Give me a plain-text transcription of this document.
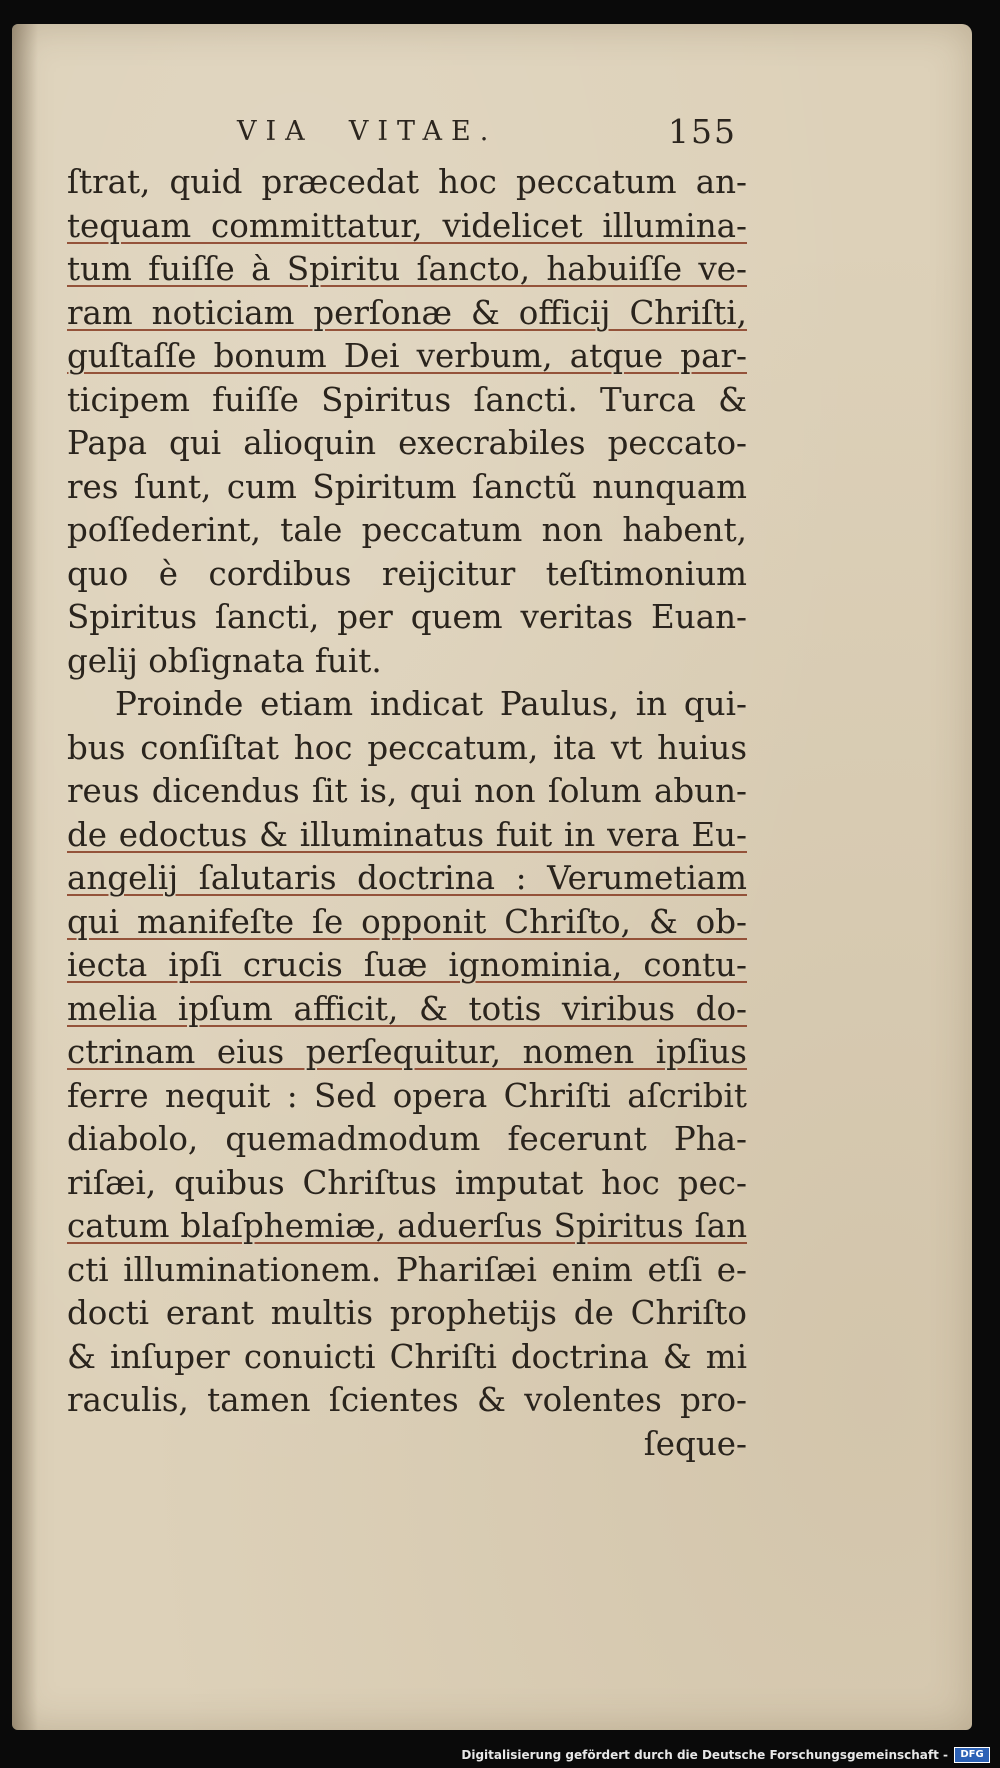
VIA  VITAE.	155
ſtrat, quid præcedat hoc peccatum an-
tequam committatur, videlicet illumina-
tum fuiſſe à Spiritu ſancto, habuiſſe ve-
ram noticiam perſonæ & officij Chriſti,
guſtaſſe bonum Dei verbum, atque par-
ticipem fuiſſe Spiritus ſancti. Turca &
Papa qui alioquin execrabiles peccato-
res ſunt, cum Spiritum ſanctũ nunquam
poſſederint, tale peccatum non habent,
quo è cordibus reijcitur teſtimonium
Spiritus ſancti, per quem veritas Euan-
gelij obſignata fuit.
Proinde etiam indicat Paulus, in qui-
bus conſiſtat hoc peccatum, ita vt huius
reus dicendus ſit is, qui non ſolum abun-
de edoctus & illuminatus fuit in vera Eu-
angelij ſalutaris doctrina : Verumetiam
qui manifeſte ſe opponit Chriſto, & ob-
iecta ipſi crucis ſuæ ignominia, contu-
melia ipſum afficit, & totis viribus do-
ctrinam eius perſequitur, nomen ipſius
ferre nequit : Sed opera Chriſti aſcribit
diabolo, quemadmodum fecerunt Pha-
riſæi, quibus Chriſtus imputat hoc pec-
catum blaſphemiæ, aduerſus Spiritus ſan
cti illuminationem. Phariſæi enim etſi e-
docti erant multis prophetijs de Chriſto
& inſuper conuicti Chriſti doctrina & mi
raculis, tamen ſcientes & volentes pro-
ſeque-
Digitalisierung gefördert durch die Deutsche Forschungsgemeinschaft -	DFG
